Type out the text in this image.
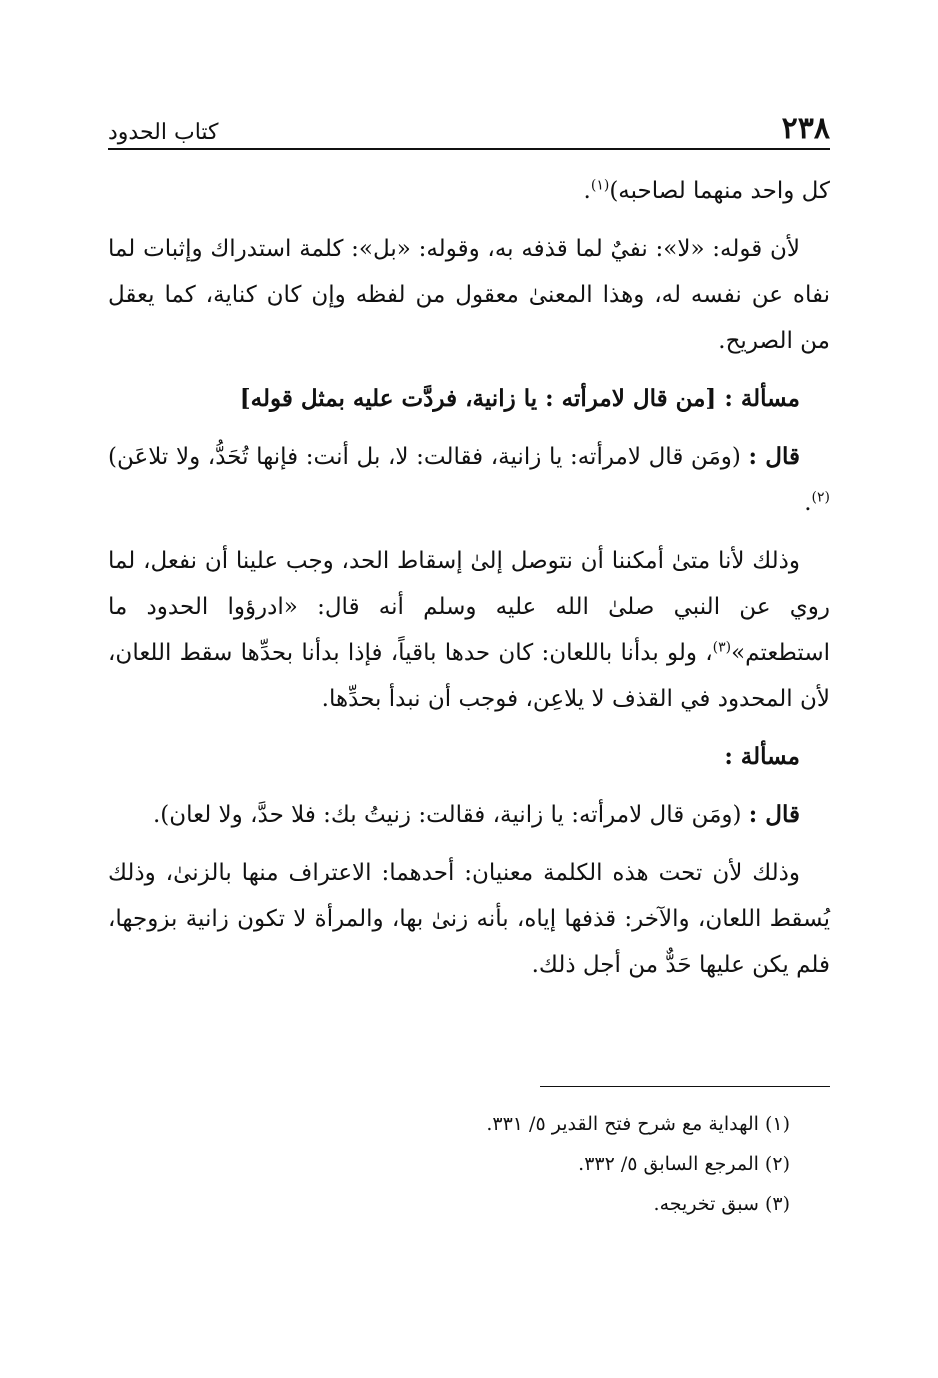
٢٣٨
كتاب الحدود

كل واحد منهما لصاحبه)$^{(١)}$.

لأن قوله: «لا»: نفيٌ لما قذفه به، وقوله: «بل»: كلمة استدراك وإثبات لما نفاه عن نفسه له، وهذا المعنىٰ معقول من لفظه وإن كان كناية، كما يعقل من الصريح.

مسألة : [من قال لامرأته : يا زانية، فردَّت عليه بمثل قوله]

قال : (ومَن قال لامرأته: يا زانية، فقالت: لا، بل أنت: فإنها تُحَدُّ، ولا تلاعَن)$^{(٢)}$.

وذلك لأنا متىٰ أمكننا أن نتوصل إلىٰ إسقاط الحد، وجب علينا أن نفعل، لما روي عن النبي صلىٰ الله عليه وسلم أنه قال: «ادرؤوا الحدود ما استطعتم»$^{(٣)}$، ولو بدأنا باللعان: كان حدها باقياً، فإذا بدأنا بحدِّها سقط اللعان، لأن المحدود في القذف لا يلاعِن، فوجب أن نبدأ بحدِّها.

مسألة :

قال : (ومَن قال لامرأته: يا زانية، فقالت: زنيتُ بك: فلا حدَّ، ولا لعان).

وذلك لأن تحت هذه الكلمة معنيان: أحدهما: الاعتراف منها بالزنىٰ، وذلك يُسقط اللعان، والآخر: قذفها إياه، بأنه زنىٰ بها، والمرأة لا تكون زانية بزوجها، فلم يكن عليها حَدٌّ من أجل ذلك.

(١) الهداية مع شرح فتح القدير ٥/ ٣٣١.
(٢) المرجع السابق ٥/ ٣٣٢.
(٣) سبق تخريجه.
